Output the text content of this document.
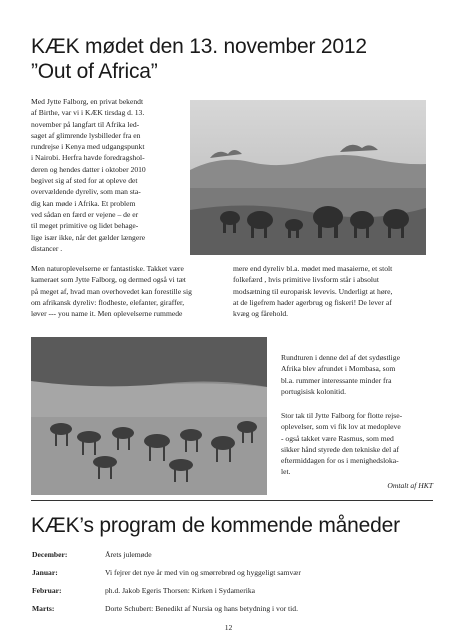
KÆK mødet den 13. november 2012
”Out of Africa”
Med Jytte Falborg, en privat bekendt
af Birthe, var vi i KÆK tirsdag d. 13.
november på langfart til Afrika led-
saget af glimrende lysbilleder fra en
rundrejse i Kenya med udgangspunkt
i Nairobi. Herfra havde foredragshol-
deren og hendes datter i oktober 2010
begivet sig af sted for at opleve det
overvældende dyreliv, som man sta-
dig kan møde i Afrika. Et problem
ved sådan en færd er vejene – de er
til meget primitive og lidet behage-
lige især ikke, når det gælder længere
distancer .
Men naturoplevelserne er fantastiske. Takket være
kameraet som Jytte Falborg, og dermed også vi tæt
på meget af, hvad man overhovedet kan forestille sig
om afrikansk dyreliv: flodheste, elefanter, giraffer,
løver --- you name it. Men oplevelserne rummede
mere end dyreliv bl.a. mødet med masaierne, et stolt
folkefærd , hvis primitive livsform står i absolut
modsætning til europæisk levevis. Underligt at høre,
at de ligefrem hader agerbrug og fiskeri! De lever af
kvæg og fårehold.
Rundturen i denne del af det sydøstlige
Afrika blev afrundet i Mombasa, som
bl.a. rummer interessante minder fra
portugisisk kolonitid.
Stor tak til Jytte Falborg for flotte rejse-
oplevelser, som vi fik lov at medopleve
- også takket være Rasmus, som med
sikker hånd styrede den tekniske del af
eftermiddagen for os i menighedsloka-
let.
Omtalt af HKT
KÆK’s program de kommende måneder
December:	Årets julemøde
Januar:	Vi fejrer det nye år med vin og smørrebrød og hyggeligt samvær
Februar:	ph.d. Jakob Egeris Thorsen: Kirken i Sydamerika
Marts:	Dorte Schubert: Benedikt af Nursia og hans betydning i vor tid.
12
